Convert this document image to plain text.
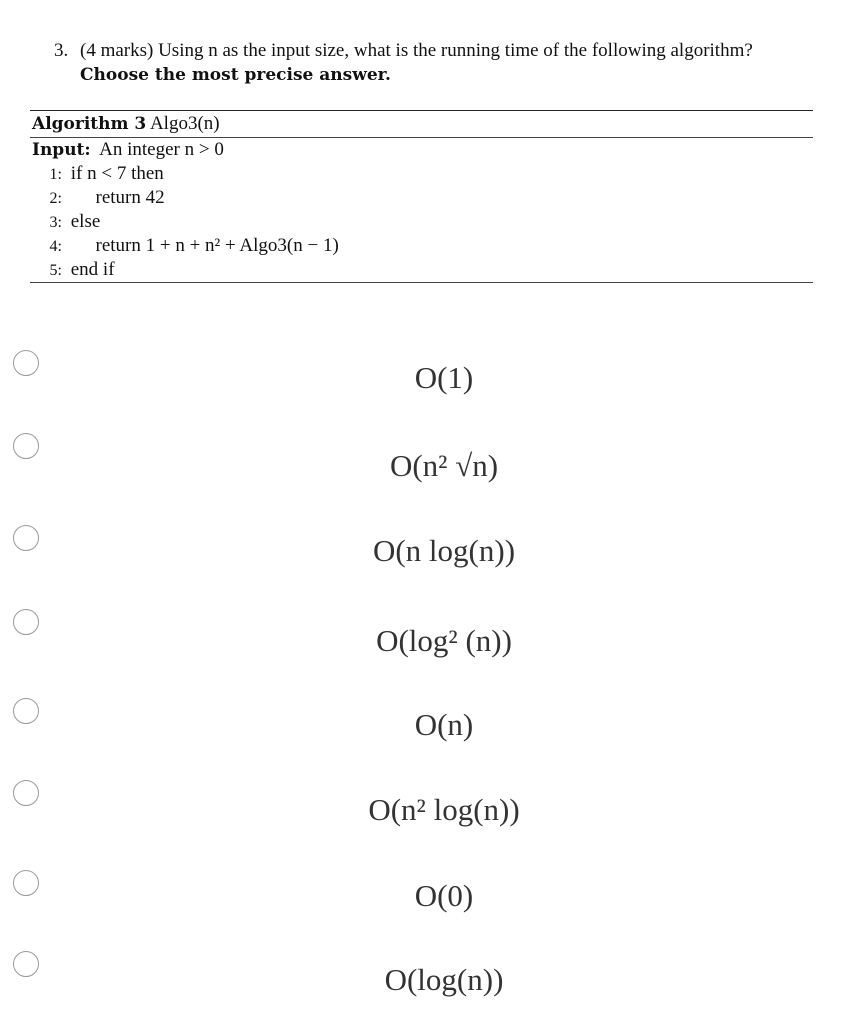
3. (4 marks) Using n as the input size, what is the running time of the following algorithm?
Choose the most precise answer.
Algorithm 3 Algo3(n)
Input: An integer n > 0
1: if n < 7 then
2: return 42
3: else
4: return 1 + n + n² + Algo3(n − 1)
5: end if
O(1)
O(n² √n)
O(n log(n))
O(log² (n))
O(n)
O(n² log(n))
O(0)
O(log(n))
